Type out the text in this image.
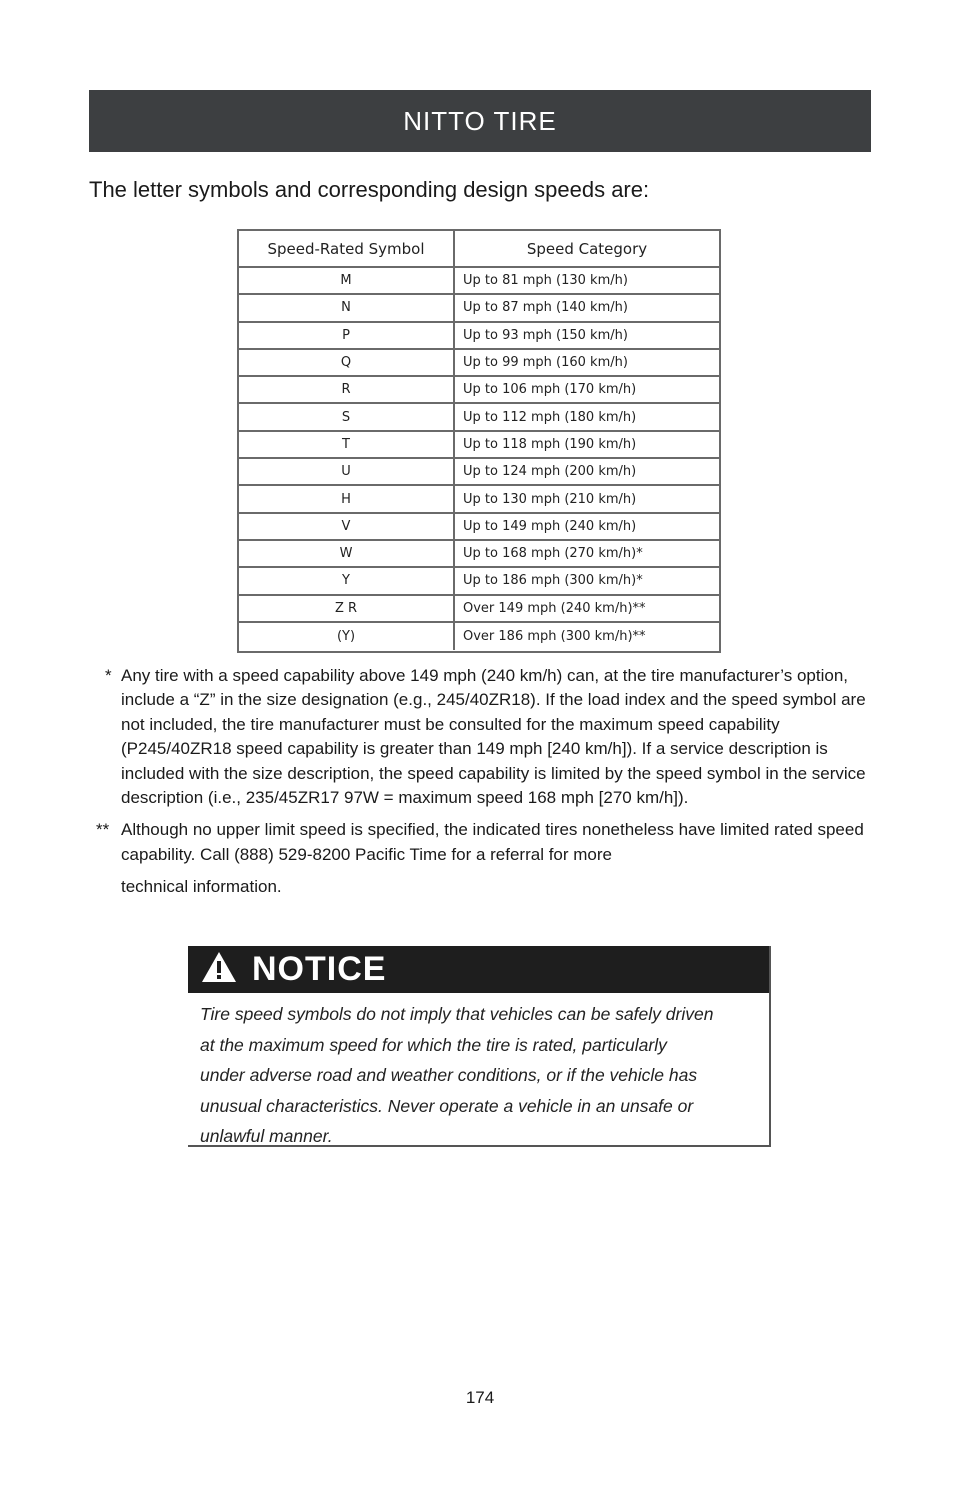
NITTO TIRE
The letter symbols and corresponding design speeds are:
Speed-Rated Symbol	Speed Category
M	Up to 81 mph (130 km/h)
N	Up to 87 mph (140 km/h)
P	Up to 93 mph (150 km/h)
Q	Up to 99 mph (160 km/h)
R	Up to 106 mph (170 km/h)
S	Up to 112 mph (180 km/h)
T	Up to 118 mph (190 km/h)
U	Up to 124 mph (200 km/h)
H	Up to 130 mph (210 km/h)
V	Up to 149 mph (240 km/h)
W	Up to 168 mph (270 km/h)*
Y	Up to 186 mph (300 km/h)*
Z R	Over 149 mph (240 km/h)**
(Y)	Over 186 mph (300 km/h)**
* Any tire with a speed capability above 149 mph (240 km/h) can, at the tire manufacturer’s option, include a “Z” in the size designation (e.g., 245/40ZR18). If the load index and the speed symbol are not included, the tire manufacturer must be consulted for the maximum speed capability (P245/40ZR18 speed capability is greater than 149 mph [240 km/h]). If a service description is included with the size description, the speed capability is limited by the speed symbol in the service description (i.e., 235/45ZR17 97W = maximum speed 168 mph [270 km/h]).
** Although no upper limit speed is specified, the indicated tires nonetheless have limited rated speed capability. Call (888) 529-8200 Pacific Time for a referral for more
technical information.
NOTICE
Tire speed symbols do not imply that vehicles can be safely driven
at the maximum speed for which the tire is rated, particularly
under adverse road and weather conditions, or if the vehicle has
unusual characteristics. Never operate a vehicle in an unsafe or
unlawful manner.
174
